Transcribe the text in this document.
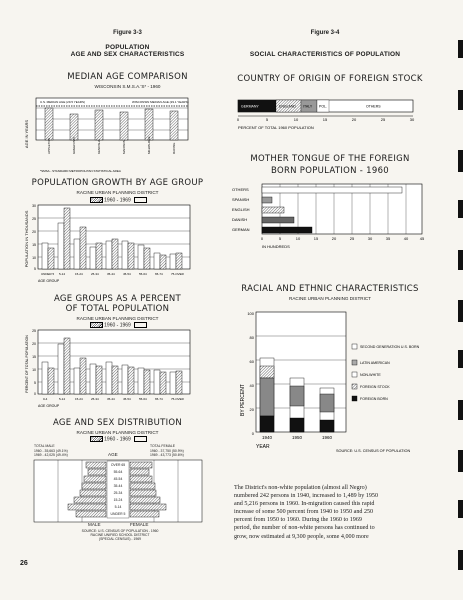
Figure 3-3
POPULATION
AGE AND SEX CHARACTERISTICS
MEDIAN AGE COMPARISON
WISCONSIN S.M.S.A.'S* - 1960
AGE IN YEARS
U.S. MEDIAN AGE (29.5 YEARS)	WISCONSIN MEDIAN AGE (29.1 YEARS)
APPLETON	GREEN BAY	KENOSHA	MADISON	MILWAUKEE	RACINE
*SMSA - STANDARD METROPOLITAN STATISTICAL AREA
POPULATION GROWTH BY AGE GROUP
RACINE URBAN PLANNING DISTRICT
1960 - 1969
POPULATION IN THOUSANDS
30
25
20
15
10
5
UNDER 5 5-14	15-24	25-34	35-44	45-54	55-64	65-74	75-OVER
AGE GROUP
AGE GROUPS AS A PERCENT
OF TOTAL POPULATION
RACINE URBAN PLANNING DISTRICT
1960 - 1969
PERCENT OF TOTAL POPULATION
25
20
15
10
5
0
0-4	5-14	15-24	25-34	35-44	45-54	55-64	65-74	75-OVER
AGE GROUP
AGE AND SEX DISTRIBUTION
RACINE URBAN PLANNING DISTRICT
1960 - 1969
TOTAL MALE
1960 - 35,663 (49.1%)
1969 - 42,025 (49.4%)
TOTAL FEMALE
1960 - 37,750 (50.9%)
1969 - 43,773 (50.6%)
AGE
OVER 65
55-64
45-54
35-44
25-34
15-24
5-14
UNDER 5
MALE	FEMALE
SOURCE: U.S. CENSUS OF POPULATION - 1960
RACINE UNIFIED SCHOOL DISTRICT
(SPECIAL CENSUS) - 1969
26
Figure 3-4
SOCIAL CHARACTERISTICS OF POPULATION
COUNTRY OF ORIGIN OF FOREIGN STOCK
GERMANY	ENGLAND ITALY POL.	OTHERS
0	5	10	15	20	25	30
PERCENT OF TOTAL 1960 POPULATION
MOTHER TONGUE OF THE FOREIGN
BORN POPULATION - 1960
OTHERS
SPANISH
ENGLISH
DANISH
GERMAN
0	5	10	15	20	25	30	35	40	45
IN HUNDREDS
RACIAL AND ETHNIC CHARACTERISTICS
RACINE URBAN PLANNING DISTRICT
100
80
60
40
20
0
BY PERCENT
1940	1950	1960
YEAR
SECOND GENERATION U.S. BORN
LATIN AMERICAN
NON-WHITE
FOREIGN STOCK
FOREIGN BORN
SOURCE: U.S. CENSUS OF POPULATION
The District's non-white population (almost all Negro)
numbered 242 persons in 1940, increased to 1,489 by 1950
and 5,216 persons in 1960. In-migration caused this rapid
increase of some 500 percent from 1940 to 1950 and 250
percent from 1950 to 1960. During the 1960 to 1969
period, the number of non-white persons has continued to
grow, now estimated at 9,300 people, some 4,000 more
